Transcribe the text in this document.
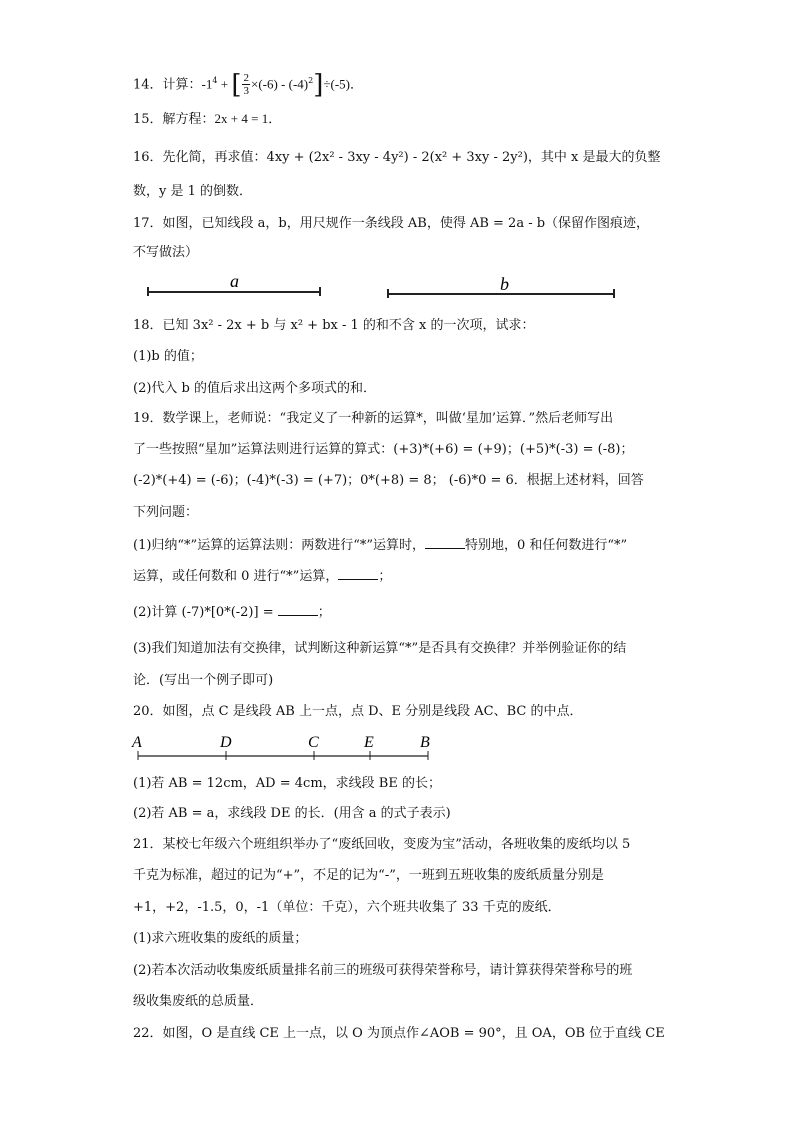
14．计算：$-1^4$ + [ $\frac{2}{3} \times(-6) - (-4)^2]\div(-5)$．
15．解方程：2x + 4 = 1．
16．先化简，再求值：4xy + (2x² - 3xy - 4y²) - 2(x² + 3xy - 2y²)，其中 x 是最大的负整
数，y 是 1 的倒数．
17．如图，已知线段 a，b，用尺规作一条线段 AB，使得 AB = 2a - b（保留作图痕迹，
不写做法）
a	b
18．已知 3x² - 2x + b 与 x² + bx - 1 的和不含 x 的一次项，试求：
(1)b 的值；
(2)代入 b 的值后求出这两个多项式的和．
19．数学课上，老师说：“我定义了一种新的运算*，叫做‘星加’运算．”然后老师写出
了一些按照“星加”运算法则进行运算的算式：(+3)*(+6) = (+9)；(+5)*(-3) = (-8)；
(-2)*(+4) = (-6)；(-4)*(-3) = (+7)；0*(+8) = 8； (-6)*0 = 6．根据上述材料，回答
下列问题：
(1)归纳“*”运算的运算法则：两数进行“*”运算时，	特别地，0 和任何数进行“*”
运算，或任何数和 0 进行“*”运算，	；
(2)计算 (-7)*[0*(-2)] =	；
(3)我们知道加法有交换律，试判断这种新运算“*”是否具有交换律？并举例验证你的结
论．(写出一个例子即可)
20．如图，点 C 是线段 AB 上一点，点 D、E 分别是线段 AC、BC 的中点．
A	D	C	E	B
(1)若 AB = 12cm，AD = 4cm，求线段 BE 的长；
(2)若 AB = a，求线段 DE 的长．(用含 a 的式子表示)
21．某校七年级六个班组织举办了“废纸回收，变废为宝”活动，各班收集的废纸均以 5
千克为标准，超过的记为“+”，不足的记为“-”，一班到五班收集的废纸质量分别是
+1，+2，-1.5，0，-1（单位：千克），六个班共收集了 33 千克的废纸．
(1)求六班收集的废纸的质量；
(2)若本次活动收集废纸质量排名前三的班级可获得荣誉称号，请计算获得荣誉称号的班
级收集废纸的总质量．
22．如图，O 是直线 CE 上一点，以 O 为顶点作∠AOB = 90°，且 OA，OB 位于直线 CE
